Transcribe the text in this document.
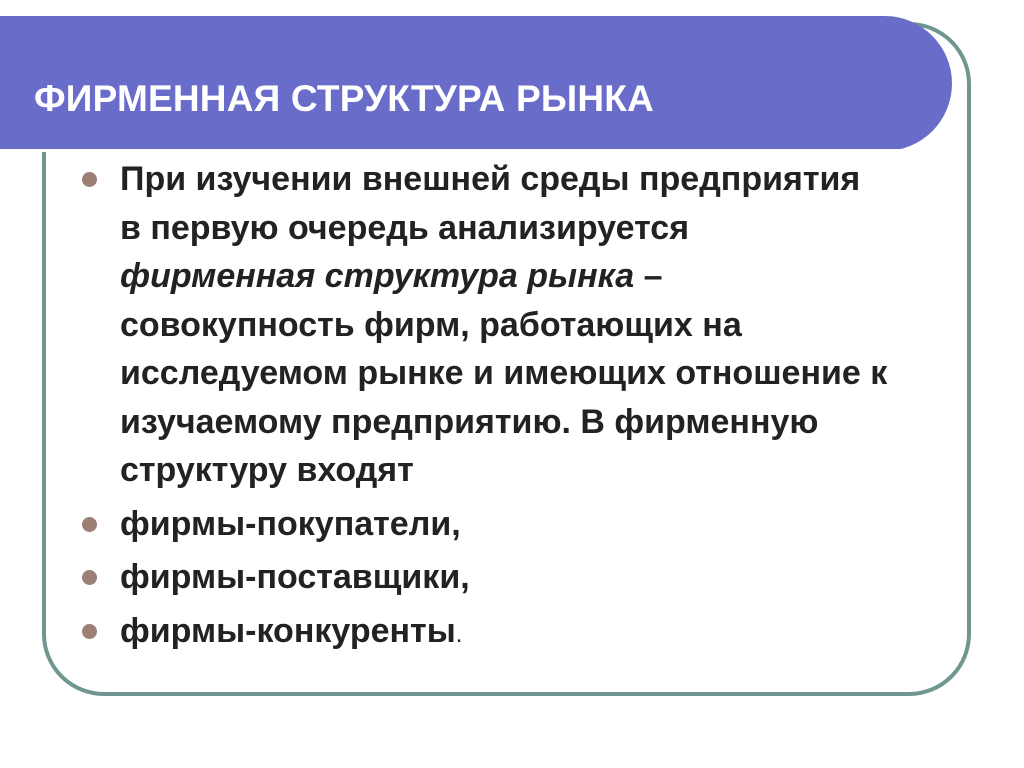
ФИРМЕННАЯ СТРУКТУРА РЫНКА
При изучении внешней среды предприятия в первую очередь анализируется фирменная структура рынка – совокупность фирм, работающих на исследуемом рынке и имеющих отношение к изучаемому предприятию. В фирменную структуру входят
фирмы-покупатели,
фирмы-поставщики,
фирмы-конкуренты.
